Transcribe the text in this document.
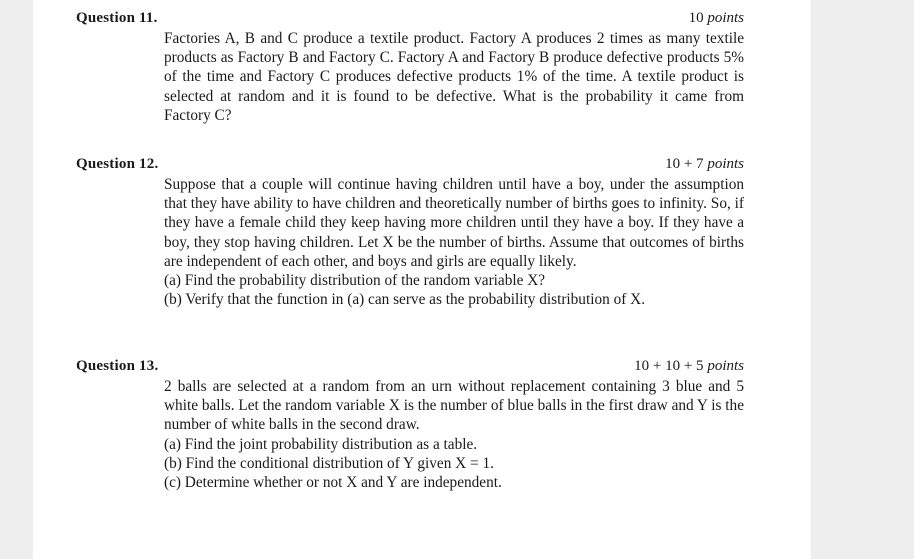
Question 11.	10 points

Factories A, B and C produce a textile product. Factory A produces 2 times as many textile products as Factory B and Factory C. Factory A and Factory B produce defective products 5% of the time and Factory C produces defective products 1% of the time. A textile product is selected at random and it is found to be defective. What is the probability it came from Factory C?

Question 12.	10 + 7 points

Suppose that a couple will continue having children until have a boy, under the assumption that they have ability to have children and theoretically number of births goes to infinity. So, if they have a female child they keep having more children until they have a boy. If they have a boy, they stop having children. Let X be the number of births. Assume that outcomes of births are independent of each other, and boys and girls are equally likely.

(a) Find the probability distribution of the random variable X?

(b) Verify that the function in (a) can serve as the probability distribution of X.

Question 13.	10 + 10 + 5 points

2 balls are selected at a random from an urn without replacement containing 3 blue and 5 white balls. Let the random variable X is the number of blue balls in the first draw and Y is the number of white balls in the second draw.

(a) Find the joint probability distribution as a table.

(b) Find the conditional distribution of Y given X = 1.

(c) Determine whether or not X and Y are independent.
